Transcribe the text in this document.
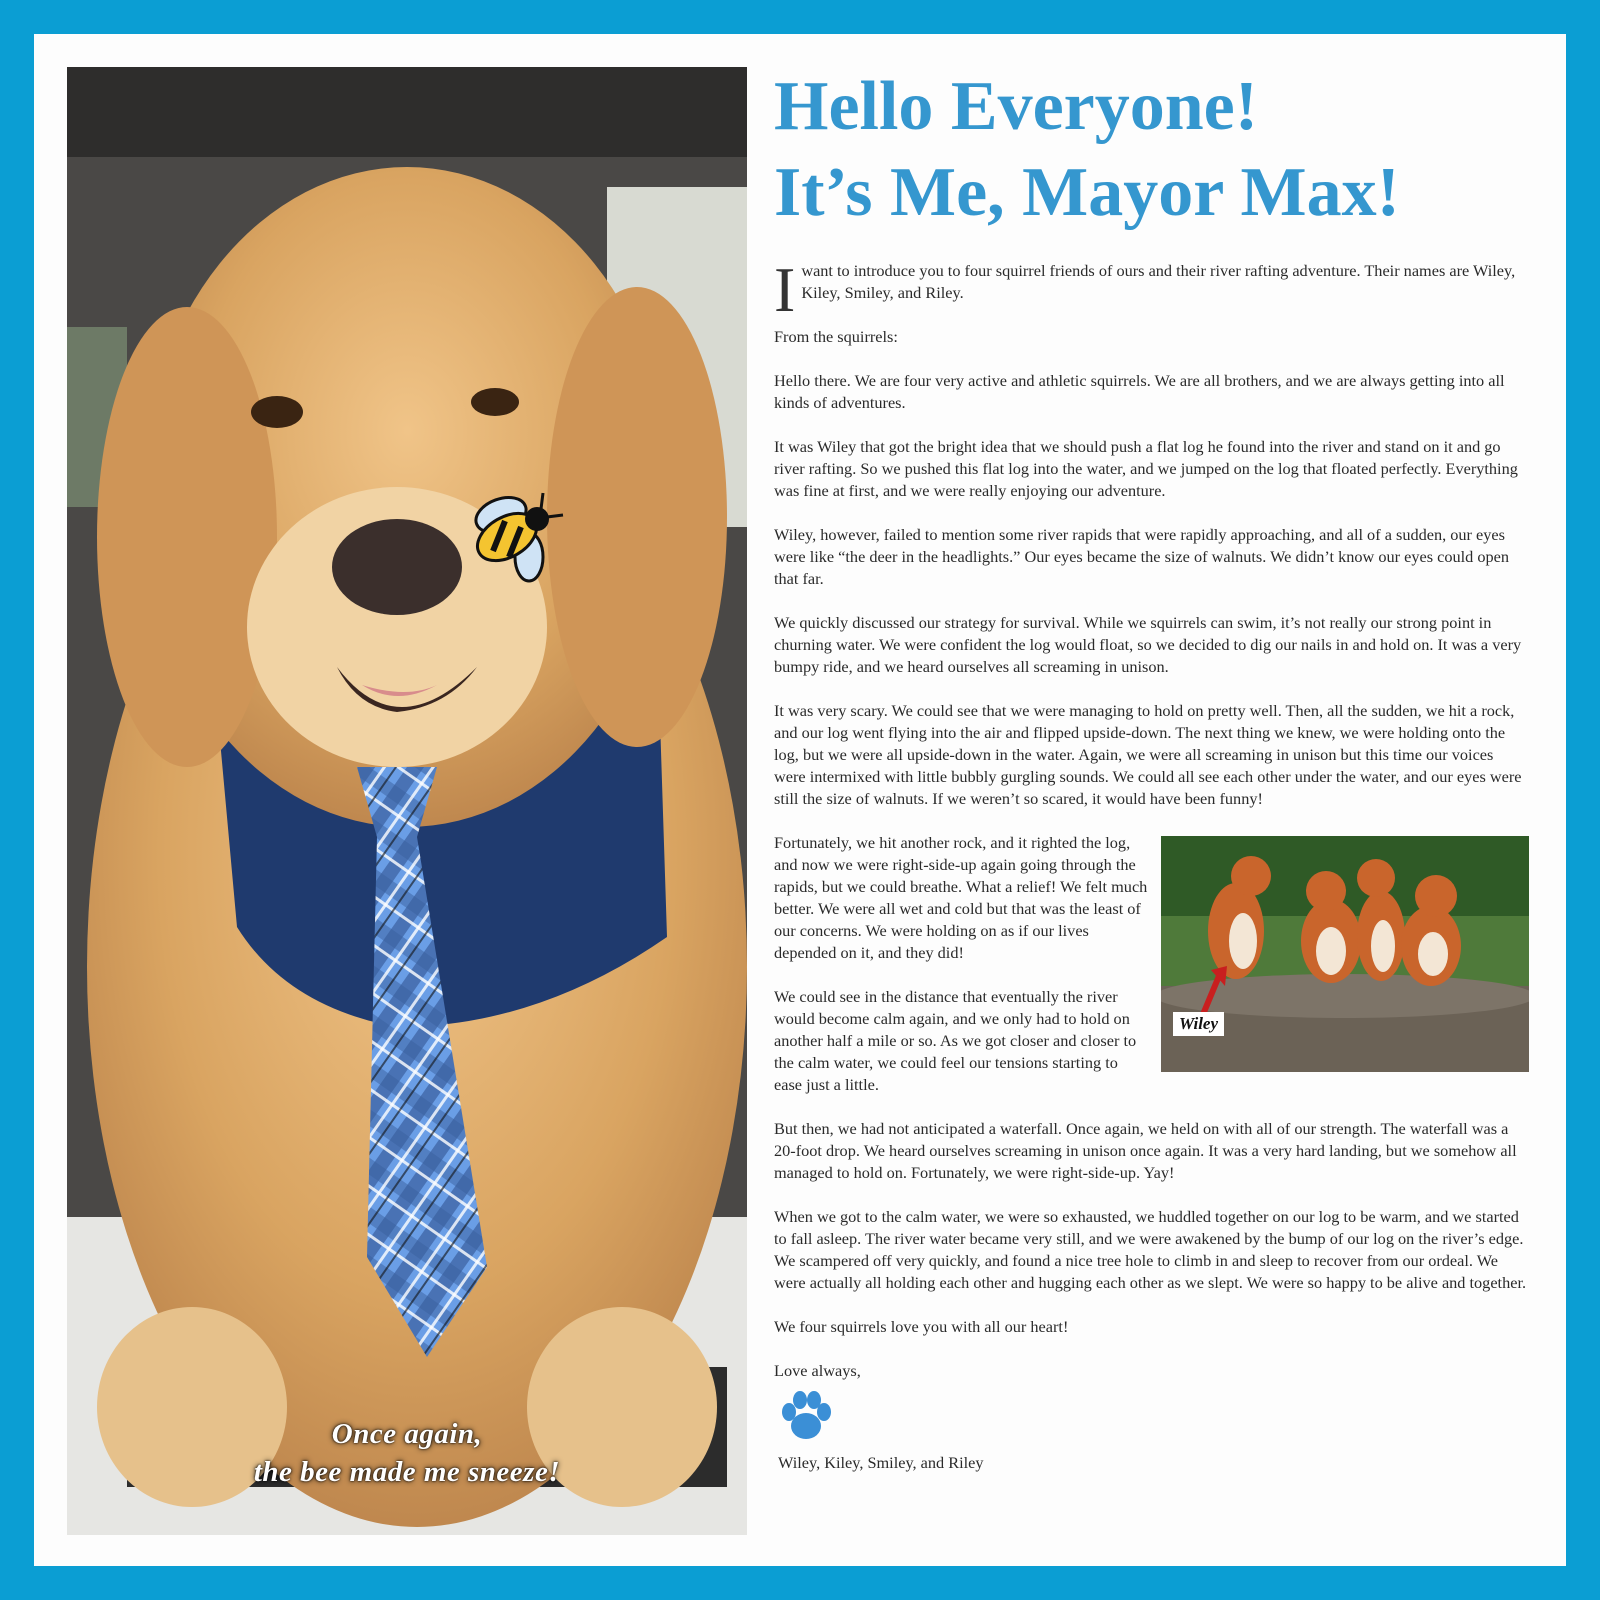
Once again,
the bee made me sneeze!
Hello Everyone!
It’s Me, Mayor Max!

Iwant to introduce you to four squirrel friends of ours and their river rafting adventure. Their names are Wiley, Kiley, Smiley, and Riley.

From the squirrels:

Hello there. We are four very active and athletic squirrels. We are all brothers, and we are always getting into all kinds of adventures.

It was Wiley that got the bright idea that we should push a flat log he found into the river and stand on it and go river rafting. So we pushed this flat log into the water, and we jumped on the log that floated perfectly. Everything was fine at first, and we were really enjoying our adventure.

Wiley, however, failed to mention some river rapids that were rapidly approaching, and all of a sudden, our eyes were like “the deer in the headlights.” Our eyes became the size of walnuts. We didn’t know our eyes could open that far.

We quickly discussed our strategy for survival. While we squirrels can swim, it’s not really our strong point in churning water. We were confident the log would float, so we decided to dig our nails in and hold on. It was a very bumpy ride, and we heard ourselves all screaming in unison.

It was very scary. We could see that we were managing to hold on pretty well. Then, all the sudden, we hit a rock, and our log went flying into the air and flipped upside-down. The next thing we knew, we were holding onto the log, but we were all upside-down in the water. Again, we were all screaming in unison but this time our voices were intermixed with little bubbly gurgling sounds. We could all see each other under the water, and our eyes were still the size of walnuts. If we weren’t so scared, it would have been funny!

Wiley
Fortunately, we hit another rock, and it righted the log, and now we were right-side-up again going through the rapids, but we could breathe. What a relief! We felt much better. We were all wet and cold but that was the least of our concerns. We were holding on as if our lives depended on it, and they did!

We could see in the distance that eventually the river would become calm again, and we only had to hold on another half a mile or so. As we got closer and closer to the calm water, we could feel our tensions starting to ease just a little.

But then, we had not anticipated a waterfall. Once again, we held on with all of our strength. The waterfall was a 20-foot drop. We heard ourselves screaming in unison once again. It was a very hard landing, but we somehow all managed to hold on. Fortunately, we were right-side-up. Yay!

When we got to the calm water, we were so exhausted, we huddled together on our log to be warm, and we started to fall asleep. The river water became very still, and we were awakened by the bump of our log on the river’s edge. We scampered off very quickly, and found a nice tree hole to climb in and sleep to recover from our ordeal. We were actually all holding each other and hugging each other as we slept. We were so happy to be alive and together.

We four squirrels love you with all our heart!

Love always,

Wiley, Kiley, Smiley, and Riley
